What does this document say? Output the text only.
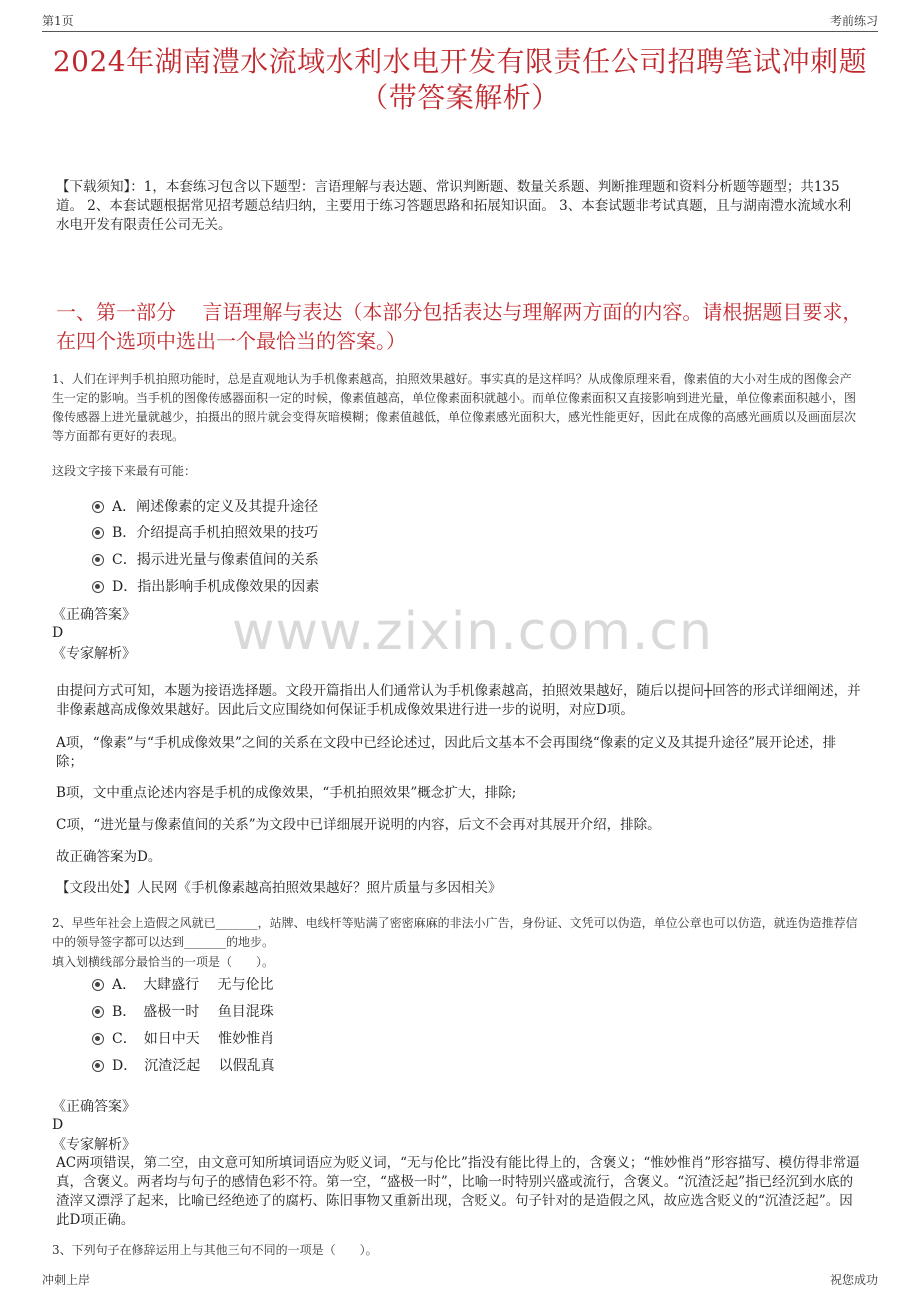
第1页	考前练习
2024年湖南澧水流域水利水电开发有限责任公司招聘笔试冲刺题（带答案解析）
【下载须知】：1，本套练习包含以下题型：言语理解与表达题、常识判断题、数量关系题、判断推理题和资料分析题等题型；共135道。 2、本套试题根据常见招考题总结归纳，主要用于练习答题思路和拓展知识面。 3、本套试题非考试真题，且与湖南澧水流域水利水电开发有限责任公司无关。
一、第一部分　 言语理解与表达（本部分包括表达与理解两方面的内容。请根据题目要求，在四个选项中选出一个最恰当的答案。）
www.zixin.com.cn
1、人们在评判手机拍照功能时，总是直观地认为手机像素越高，拍照效果越好。事实真的是这样吗？从成像原理来看，像素值的大小对生成的图像会产生一定的影响。当手机的图像传感器面积一定的时候，像素值越高，单位像素面积就越小。而单位像素面积又直接影响到进光量，单位像素面积越小，图像传感器上进光量就越少，拍摄出的照片就会变得灰暗模糊；像素值越低，单位像素感光面积大，感光性能更好，因此在成像的高感光画质以及画面层次等方面都有更好的表现。
这段文字接下来最有可能：
A．阐述像素的定义及其提升途径
B．介绍提高手机拍照效果的技巧
C．揭示进光量与像素值间的关系
D．指出影响手机成像效果的因素
《正确答案》
D
《专家解析》
由提问方式可知，本题为接语选择题。文段开篇指出人们通常认为手机像素越高，拍照效果越好，随后以提问┼回答的形式详细阐述，并非像素越高成像效果越好。因此后文应围绕如何保证手机成像效果进行进一步的说明，对应D项。
A项，“像素”与“手机成像效果”之间的关系在文段中已经论述过，因此后文基本不会再围绕“像素的定义及其提升途径”展开论述，排除；
B项，文中重点论述内容是手机的成像效果，“手机拍照效果”概念扩大，排除;
C项，“进光量与像素值间的关系”为文段中已详细展开说明的内容，后文不会再对其展开介绍，排除。
故正确答案为D。
【文段出处】人民网《手机像素越高拍照效果越好？照片质量与多因相关》
2、早些年社会上造假之风就已_______，站牌、电线杆等贴满了密密麻麻的非法小广告，身份证、文凭可以伪造，单位公章也可以仿造，就连伪造推荐信中的领导签字都可以达到_______的地步。
填入划横线部分最恰当的一项是（　　）。
A．　大肆盛行　 无与伦比
B．　盛极一时　 鱼目混珠
C．　如日中天　 惟妙惟肖
D．　沉渣泛起　 以假乱真
《正确答案》
D
《专家解析》
AC两项错误，第二空，由文意可知所填词语应为贬义词，“无与伦比”指没有能比得上的，含褒义；“惟妙惟肖”形容描写、模仿得非常逼真，含褒义。两者均与句子的感情色彩不符。第一空，“盛极一时”，比喻一时特别兴盛或流行，含褒义。“沉渣泛起”指已经沉到水底的渣滓又漂浮了起来，比喻已经绝迹了的腐朽、陈旧事物又重新出现，含贬义。句子针对的是造假之风，故应选含贬义的“沉渣泛起”。因此D项正确。
3、下列句子在修辞运用上与其他三句不同的一项是（　　）。
冲刺上岸	祝您成功
